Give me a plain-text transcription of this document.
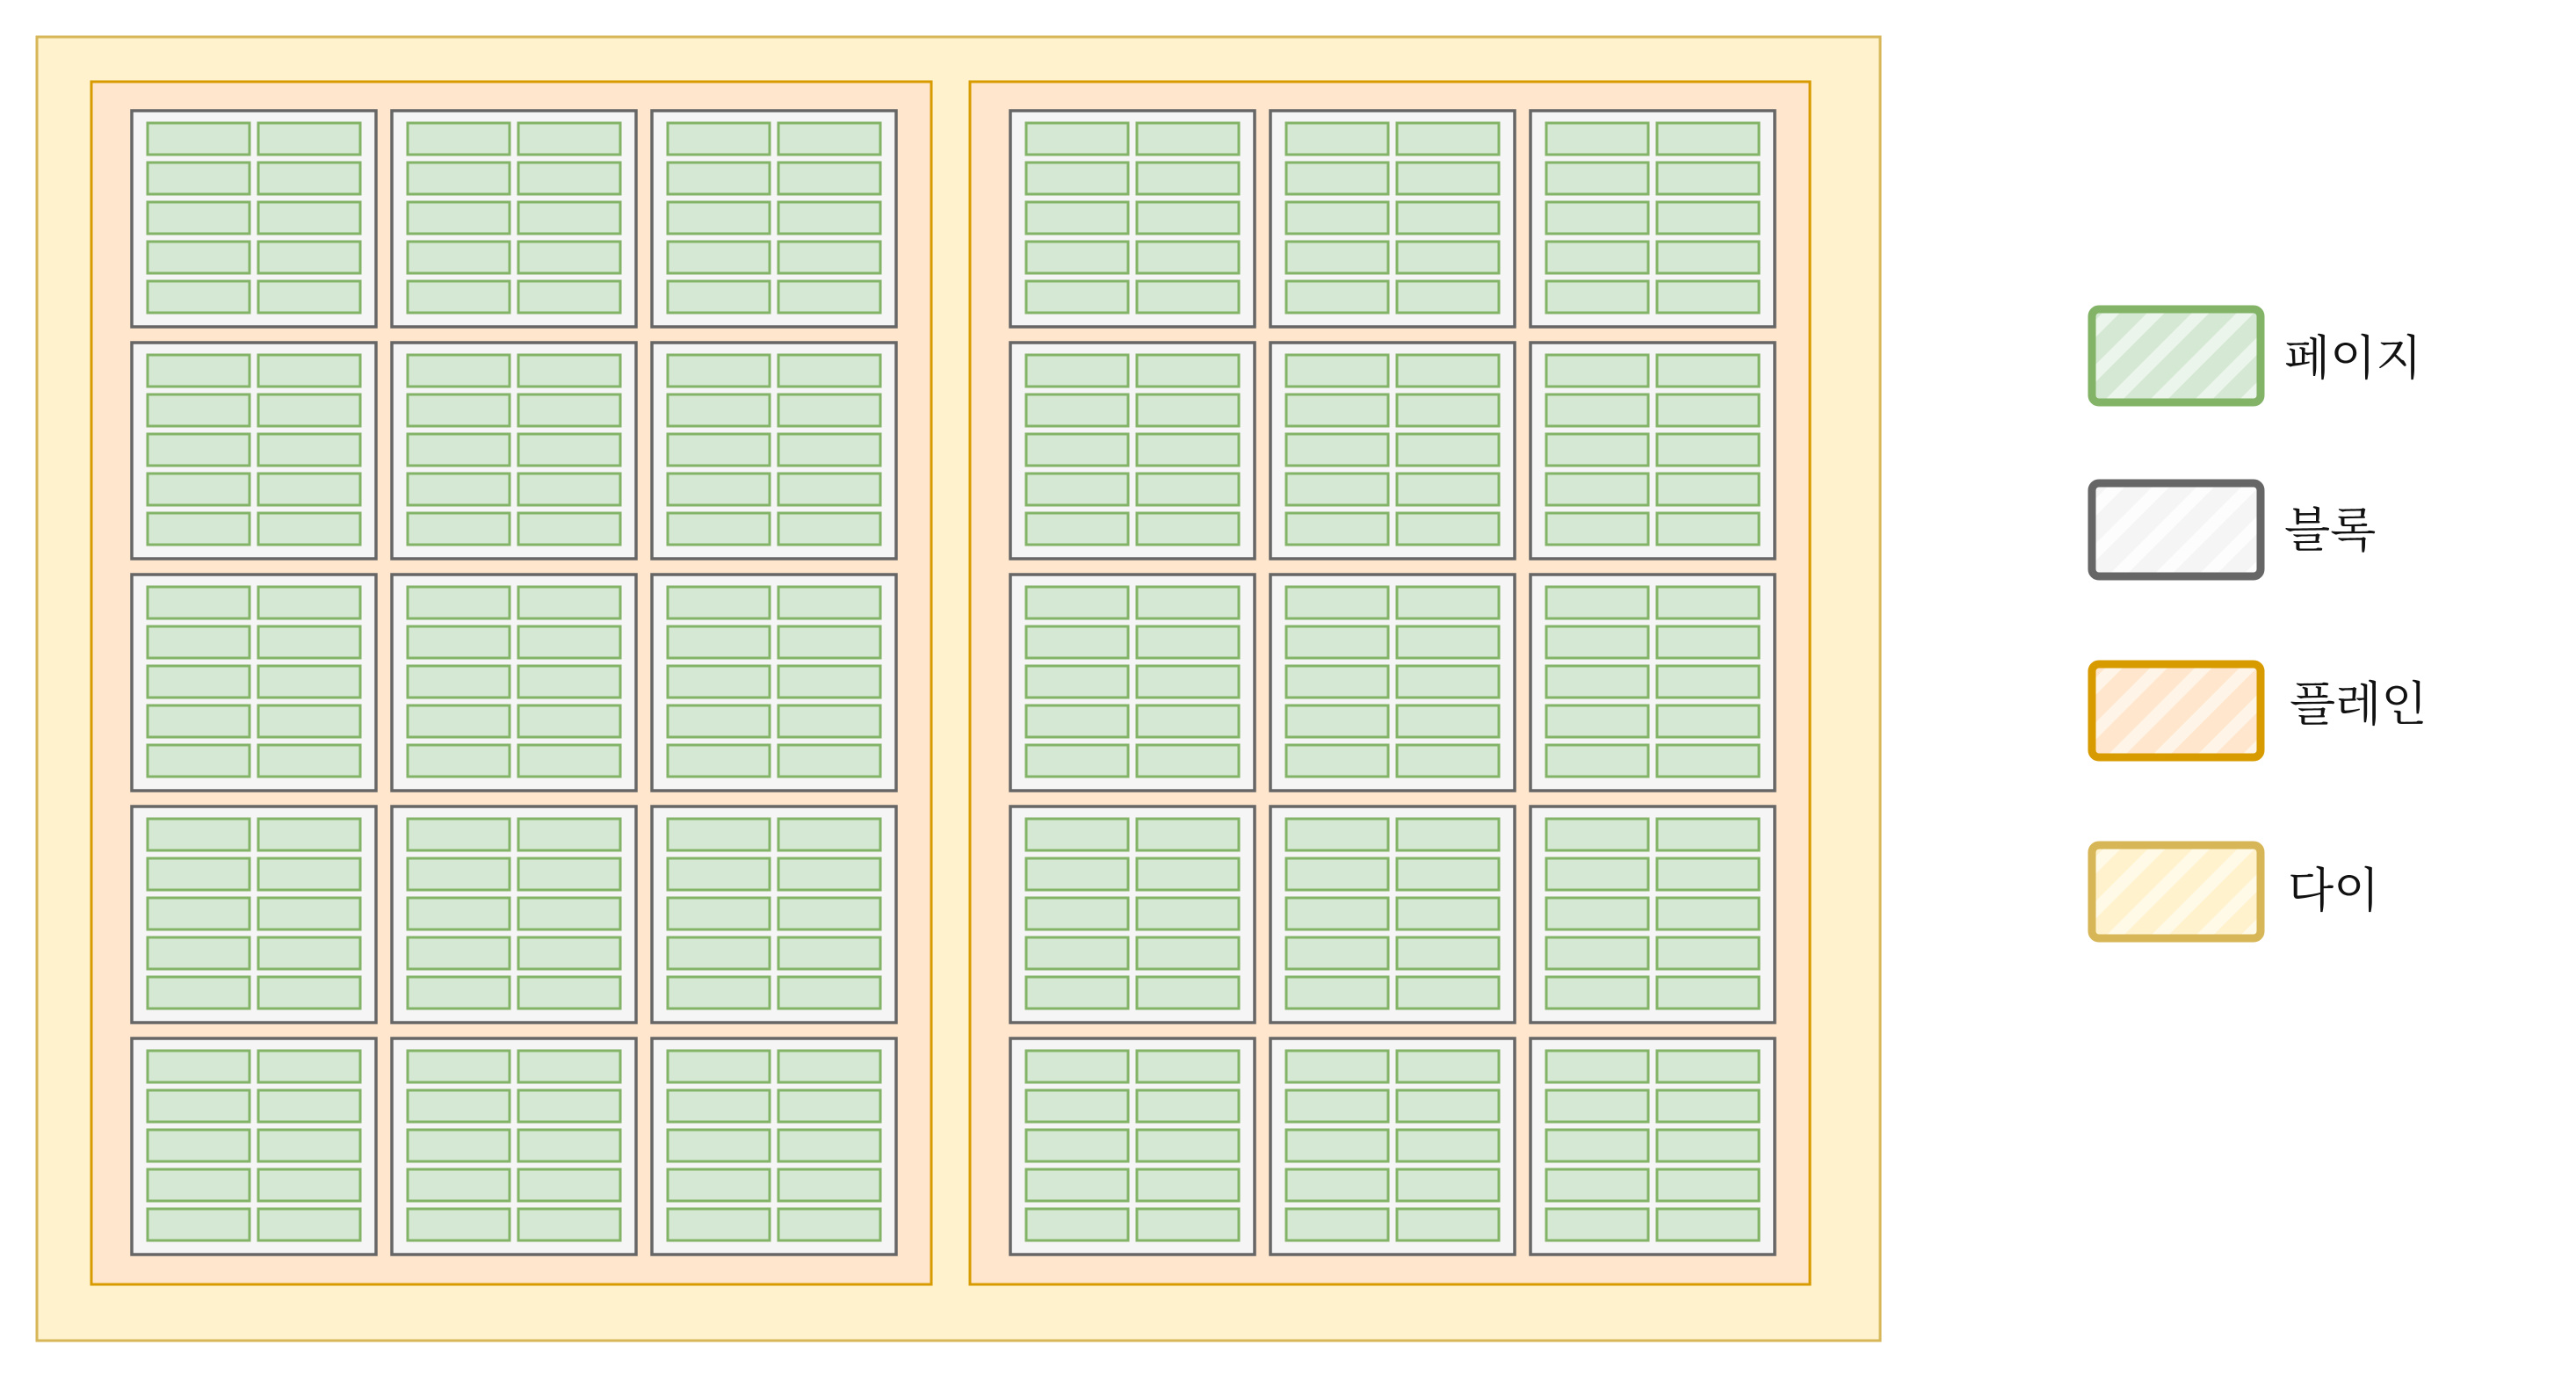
페이지
블록
플레인
다이
